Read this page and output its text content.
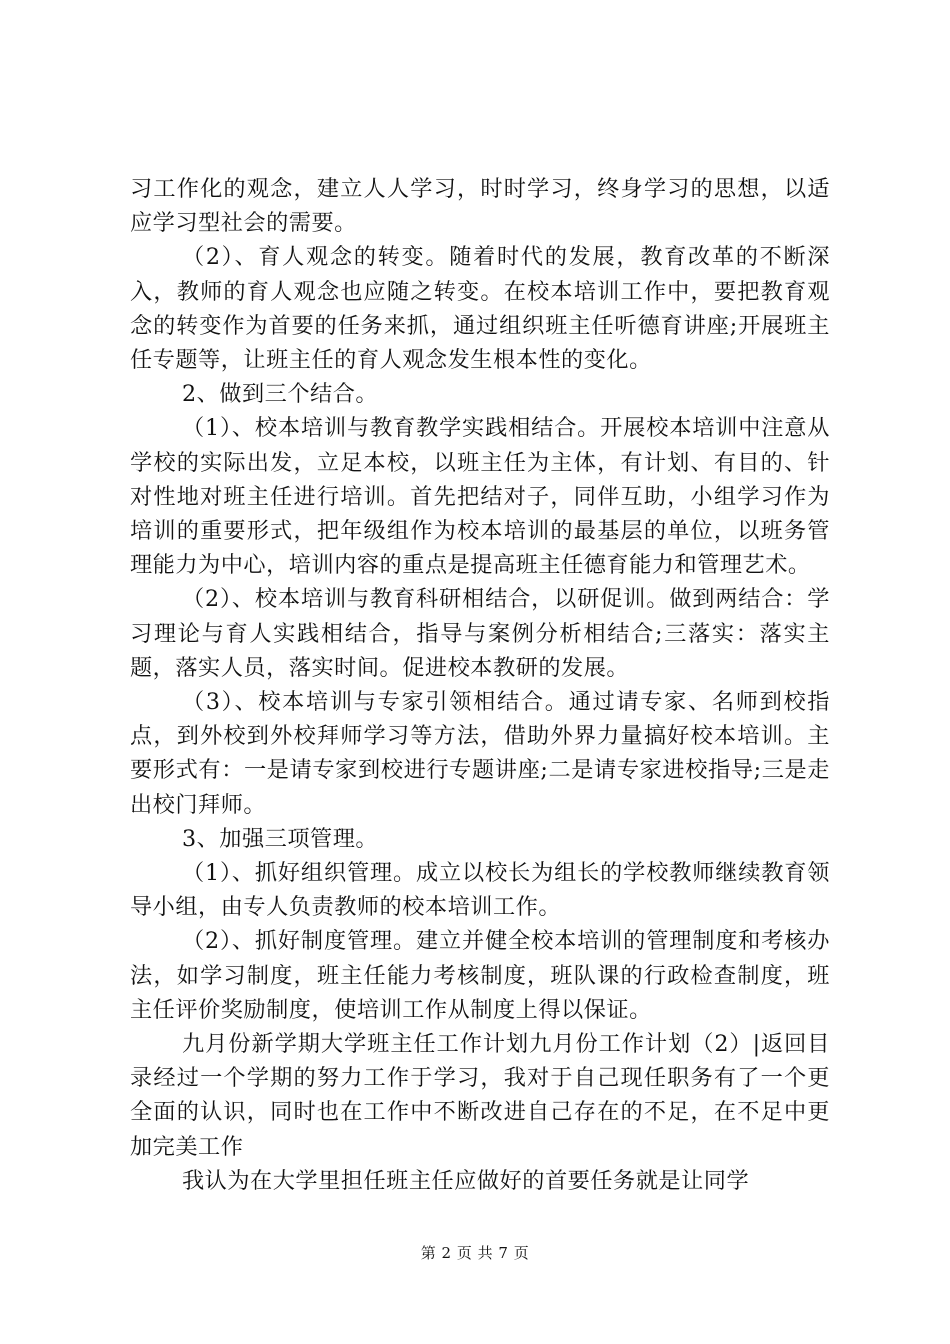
习工作化的观念，建立人人学习，时时学习，终身学习的思想，以适应学习型社会的需要。

（2）、育人观念的转变。随着时代的发展，教育改革的不断深入，教师的育人观念也应随之转变。在校本培训工作中，要把教育观念的转变作为首要的任务来抓，通过组织班主任听德育讲座;开展班主任专题等，让班主任的育人观念发生根本性的变化。

2、做到三个结合。

（1）、校本培训与教育教学实践相结合。开展校本培训中注意从学校的实际出发，立足本校，以班主任为主体，有计划、有目的、针对性地对班主任进行培训。首先把结对子，同伴互助，小组学习作为培训的重要形式，把年级组作为校本培训的最基层的单位，以班务管理能力为中心，培训内容的重点是提高班主任德育能力和管理艺术。

（2）、校本培训与教育科研相结合，以研促训。做到两结合：学习理论与育人实践相结合，指导与案例分析相结合;三落实：落实主题，落实人员，落实时间。促进校本教研的发展。

（3）、校本培训与专家引领相结合。通过请专家、名师到校指点，到外校到外校拜师学习等方法，借助外界力量搞好校本培训。主要形式有：一是请专家到校进行专题讲座;二是请专家进校指导;三是走出校门拜师。

3、加强三项管理。

（1）、抓好组织管理。成立以校长为组长的学校教师继续教育领导小组，由专人负责教师的校本培训工作。

（2）、抓好制度管理。建立并健全校本培训的管理制度和考核办法，如学习制度，班主任能力考核制度，班队课的行政检查制度，班主任评价奖励制度，使培训工作从制度上得以保证。

九月份新学期大学班主任工作计划九月份工作计划（2）|返回目录经过一个学期的努力工作于学习，我对于自己现任职务有了一个更全面的认识，同时也在工作中不断改进自己存在的不足，在不足中更加完美工作

我认为在大学里担任班主任应做好的首要任务就是让同学

第 2 页 共 7 页
